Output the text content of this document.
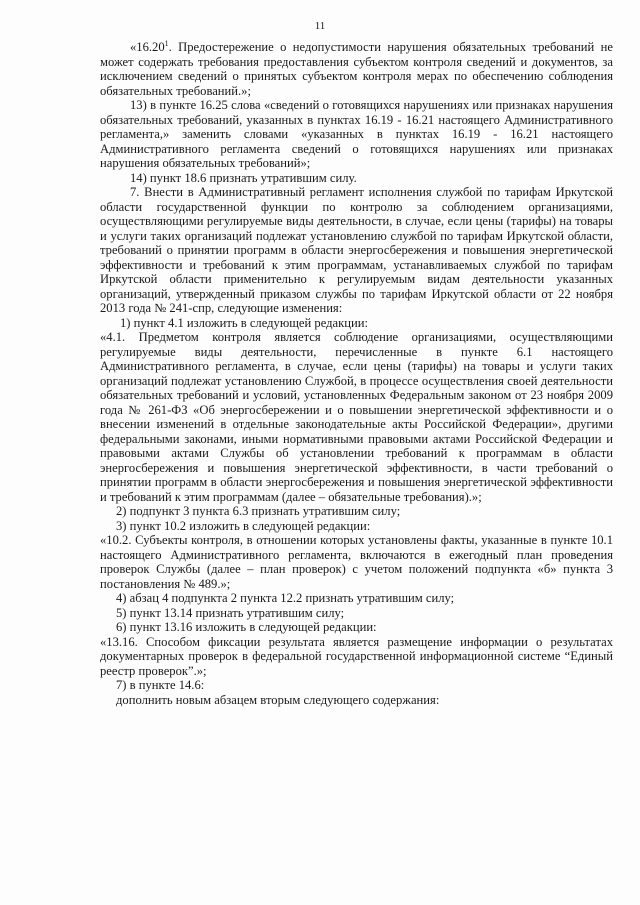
11

«16.20$^1$. Предостережение о недопустимости нарушения обязательных требований не может содержать требования предоставления субъектом контроля сведений и документов, за исключением сведений о принятых субъектом контроля мерах по обеспечению соблюдения обязательных требований.»;

13) в пункте 16.25 слова «сведений о готовящихся нарушениях или признаках нарушения обязательных требований, указанных в пунктах 16.19 - 16.21 настоящего Административного регламента,» заменить словами «указанных в пунктах 16.19 - 16.21 настоящего Административного регламента сведений о готовящихся нарушениях или признаках нарушения обязательных требований»;

14) пункт 18.6 признать утратившим силу.

7. Внести в Административный регламент исполнения службой по тарифам Иркутской области государственной функции по контролю за соблюдением организациями, осуществляющими регулируемые виды деятельности, в случае, если цены (тарифы) на товары и услуги таких организаций подлежат установлению службой по тарифам Иркутской области, требований о принятии программ в области энергосбережения и повышения энергетической эффективности и требований к этим программам, устанавливаемых службой по тарифам Иркутской области применительно к регулируемым видам деятельности указанных организаций, утвержденный приказом службы по тарифам Иркутской области от 22 ноября 2013 года № 241-спр, следующие изменения:

1) пункт 4.1 изложить в следующей редакции:

«4.1. Предметом контроля является соблюдение организациями, осуществляющими регулируемые виды деятельности, перечисленные в пункте 6.1 настоящего Административного регламента, в случае, если цены (тарифы) на товары и услуги таких организаций подлежат установлению Службой, в процессе осуществления своей деятельности обязательных требований и условий, установленных Федеральным законом от 23 ноября 2009 года № 261-ФЗ «Об энергосбережении и о повышении энергетической эффективности и о внесении изменений в отдельные законодательные акты Российской Федерации», другими федеральными законами, иными нормативными правовыми актами Российской Федерации и правовыми актами Службы об установлении требований к программам в области энергосбережения и повышения энергетической эффективности, в части требований о принятии программ в области энергосбережения и повышения энергетической эффективности и требований к этим программам (далее – обязательные требования).»;

2) подпункт 3 пункта 6.3 признать утратившим силу;

3) пункт 10.2 изложить в следующей редакции:

«10.2. Субъекты контроля, в отношении которых установлены факты, указанные в пункте 10.1 настоящего Административного регламента, включаются в ежегодный план проведения проверок Службы (далее – план проверок) с учетом положений подпункта «б» пункта 3 постановления № 489.»;

4) абзац 4 подпункта 2 пункта 12.2 признать утратившим силу;

5) пункт 13.14 признать утратившим силу;

6) пункт 13.16 изложить в следующей редакции:

«13.16. Способом фиксации результата является размещение информации о результатах документарных проверок в федеральной государственной информационной системе “Единый реестр проверок”.»;

7) в пункте 14.6:

дополнить новым абзацем вторым следующего содержания:
